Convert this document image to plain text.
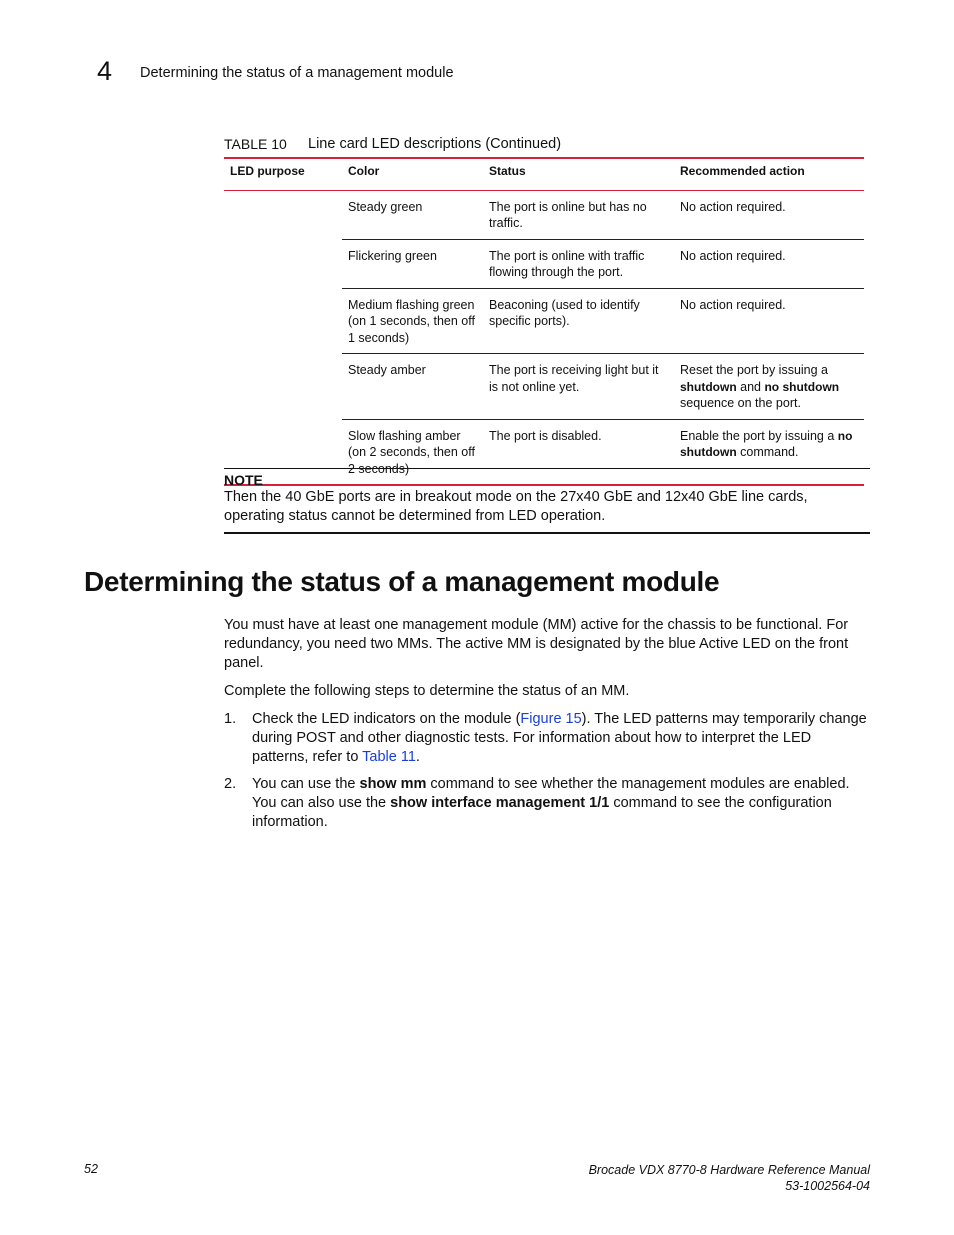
4 Determining the status of a management module
TABLE 10 Line card LED descriptions (Continued)
LED purpose	Color	Status	Recommended action
	Steady green	The port is online but has no traffic.	No action required.
	Flickering green	The port is online with traffic flowing through the port.	No action required.
	Medium flashing green (on 1 seconds, then off 1 seconds)	Beaconing (used to identify specific ports).	No action required.
	Steady amber	The port is receiving light but it is not online yet.	Reset the port by issuing a shutdown and no shutdown sequence on the port.
	Slow flashing amber (on 2 seconds, then off 2 seconds)	The port is disabled.	Enable the port by issuing a no shutdown command.
NOTE
Then the 40 GbE ports are in breakout mode on the 27x40 GbE and 12x40 GbE line cards, operating status cannot be determined from LED operation.
Determining the status of a management module
You must have at least one management module (MM) active for the chassis to be functional. For redundancy, you need two MMs. The active MM is designated by the blue Active LED on the front panel.
Complete the following steps to determine the status of an MM.
1. Check the LED indicators on the module (Figure 15). The LED patterns may temporarily change during POST and other diagnostic tests. For information about how to interpret the LED patterns, refer to Table 11.
2. You can use the show mm command to see whether the management modules are enabled. You can also use the show interface management 1/1 command to see the configuration information.
52	Brocade VDX 8770-8 Hardware Reference Manual
53-1002564-04
